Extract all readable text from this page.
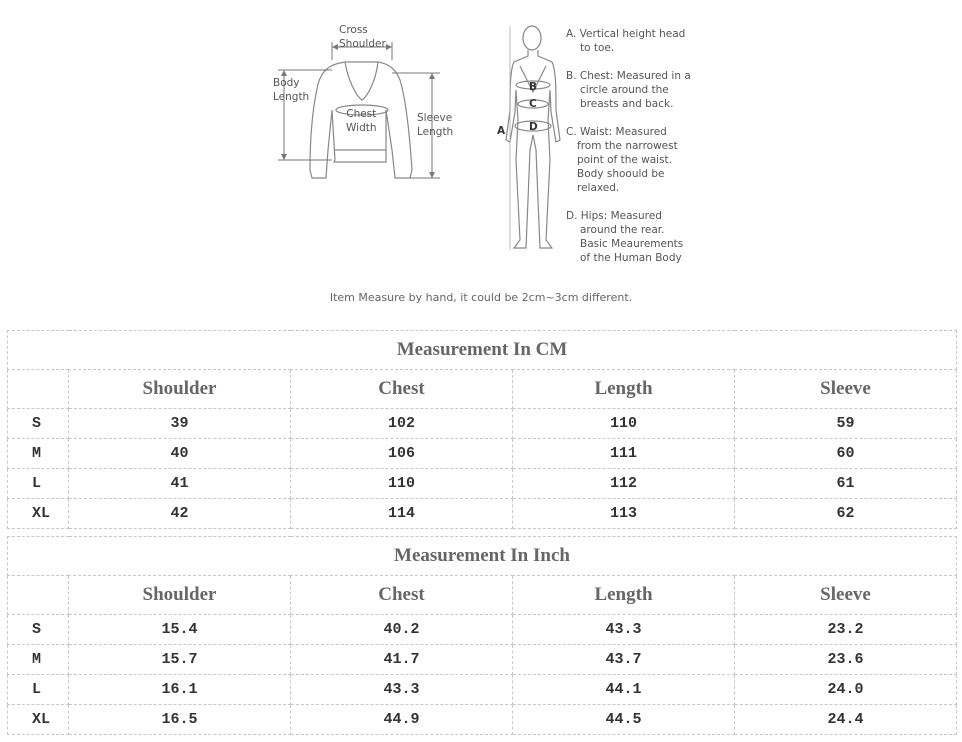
Cross
Shoulder
Body
Length
Chest
Width
Sleeve
Length	A
B
C
D
A. Vertical height head
to toe.
B. Chest: Measured in a
circle around the
breasts and back.
C. Waist: Measured
from the narrowest
point of the waist.
Body shoould be
relaxed.
D. Hips: Measured
around the rear.
Basic Meaurements
of the Human Body
Item Measure by hand, it could be 2cm~3cm different.
Measurement In CM				
	Shoulder	Chest	Length	Sleeve
S	39	102	110	59
M	40	106	111	60
L	41	110	112	61
XL	42	114	113	62
Measurement In Inch				
	Shoulder	Chest	Length	Sleeve
S	15.4	40.2	43.3	23.2
M	15.7	41.7	43.7	23.6
L	16.1	43.3	44.1	24.0
XL	16.5	44.9	44.5	24.4
